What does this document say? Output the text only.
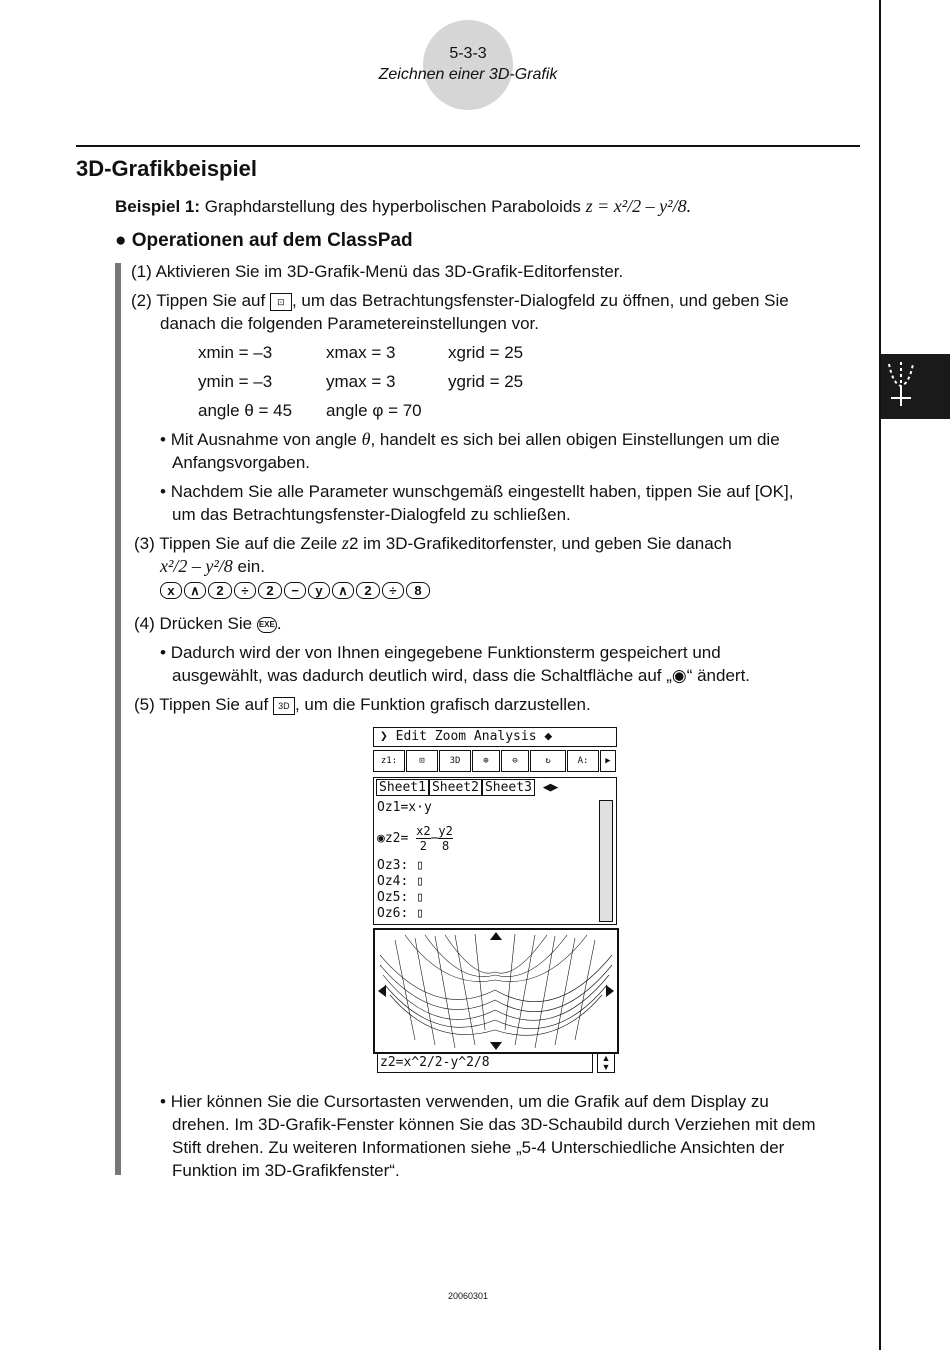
5-3-3
Zeichnen einer 3D-Grafik
3D-Grafikbeispiel
Beispiel 1: Graphdarstellung des hyperbolischen Paraboloids z = x²/2 – y²/8.
● Operationen auf dem ClassPad
(1) Aktivieren Sie im 3D-Grafik-Menü das 3D-Grafik-Editorfenster.
(2) Tippen Sie auf ⊡ , um das Betrachtungsfenster-Dialogfeld zu öffnen, und geben Sie
danach die folgenden Parametereinstellungen vor.
xmin = –3	xmax = 3	xgrid = 25
ymin = –3	ymax = 3	ygrid = 25
angle θ = 45 angle φ = 70
• Mit Ausnahme von angle θ, handelt es sich bei allen obigen Einstellungen um die
Anfangsvorgaben.
• Nachdem Sie alle Parameter wunschgemäß eingestellt haben, tippen Sie auf [OK],
um das Betrachtungsfenster-Dialogfeld zu schließen.
(3) Tippen Sie auf die Zeile z2 im 3D-Grafikeditorfenster, und geben Sie danach
x²/2 – y²/8 ein.
x ∧ 2 ÷ 2 − y ∧ 2 ÷ 8
(4) Drücken Sie EXE .
• Dadurch wird der von Ihnen eingegebene Funktionsterm gespeichert und
ausgewählt, was dadurch deutlich wird, dass die Schaltfläche auf „◉“ ändert.
(5) Tippen Sie auf 3D , um die Funktion grafisch darzustellen.
❯ Edit Zoom Analysis ◆
z1:	⊡	3D	⊕	⊖	↻	A:	▶
Sheet1 Sheet2 Sheet3 ◀▶
Oz1=x·y
◉z2= $\frac{x2}{2} - \frac{y2}{8}$
Oz3: ▯
Oz4: ▯
Oz5: ▯
Oz6: ▯
z2=x^2/2-y^2/8	▲
▼
• Hier können Sie die Cursortasten verwenden, um die Grafik auf dem Display zu
drehen. Im 3D-Grafik-Fenster können Sie das 3D-Schaubild durch Verziehen mit dem
Stift drehen. Zu weiteren Informationen siehe „5-4 Unterschiedliche Ansichten der
Funktion im 3D-Grafikfenster“.
20060301
